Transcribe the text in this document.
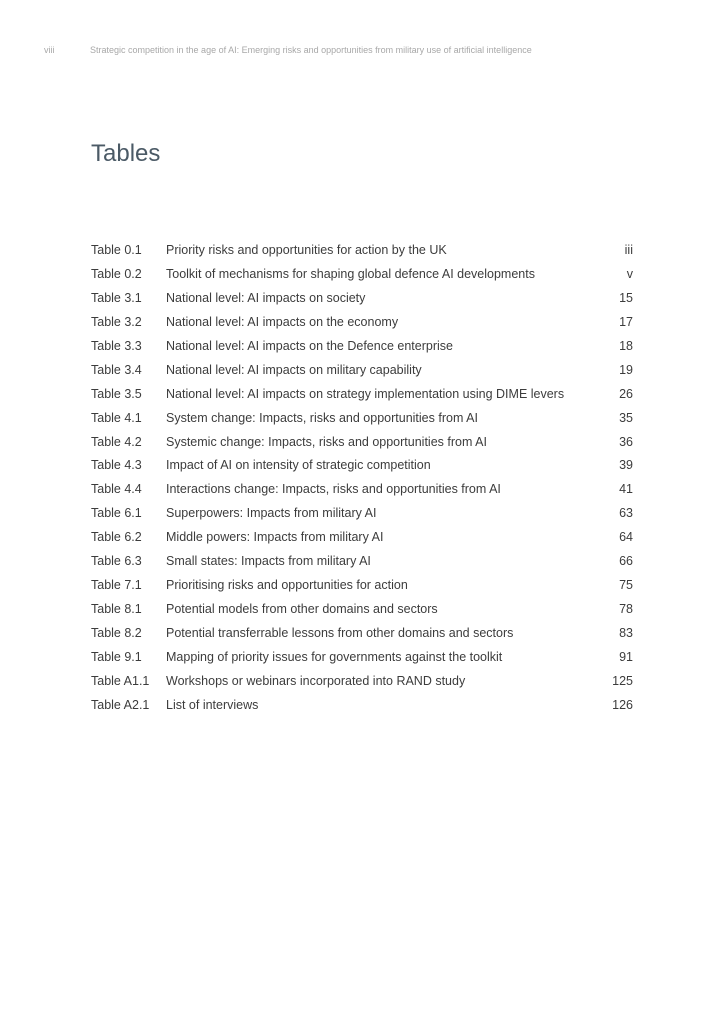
viii	Strategic competition in the age of AI: Emerging risks and opportunities from military use of artificial intelligence
Tables
Table 0.1 Priority risks and opportunities for action by the UK	iii
Table 0.2 Toolkit of mechanisms for shaping global defence AI developments	v
Table 3.1 National level: AI impacts on society	15
Table 3.2 National level: AI impacts on the economy	17
Table 3.3 National level: AI impacts on the Defence enterprise	18
Table 3.4 National level: AI impacts on military capability	19
Table 3.5 National level: AI impacts on strategy implementation using DIME levers	26
Table 4.1 System change: Impacts, risks and opportunities from AI	35
Table 4.2 Systemic change: Impacts, risks and opportunities from AI	36
Table 4.3 Impact of AI on intensity of strategic competition	39
Table 4.4 Interactions change: Impacts, risks and opportunities from AI	41
Table 6.1 Superpowers: Impacts from military AI	63
Table 6.2 Middle powers: Impacts from military AI	64
Table 6.3 Small states: Impacts from military AI	66
Table 7.1 Prioritising risks and opportunities for action	75
Table 8.1 Potential models from other domains and sectors	78
Table 8.2 Potential transferrable lessons from other domains and sectors	83
Table 9.1 Mapping of priority issues for governments against the toolkit	91
Table A1.1 Workshops or webinars incorporated into RAND study	125
Table A2.1 List of interviews	126
